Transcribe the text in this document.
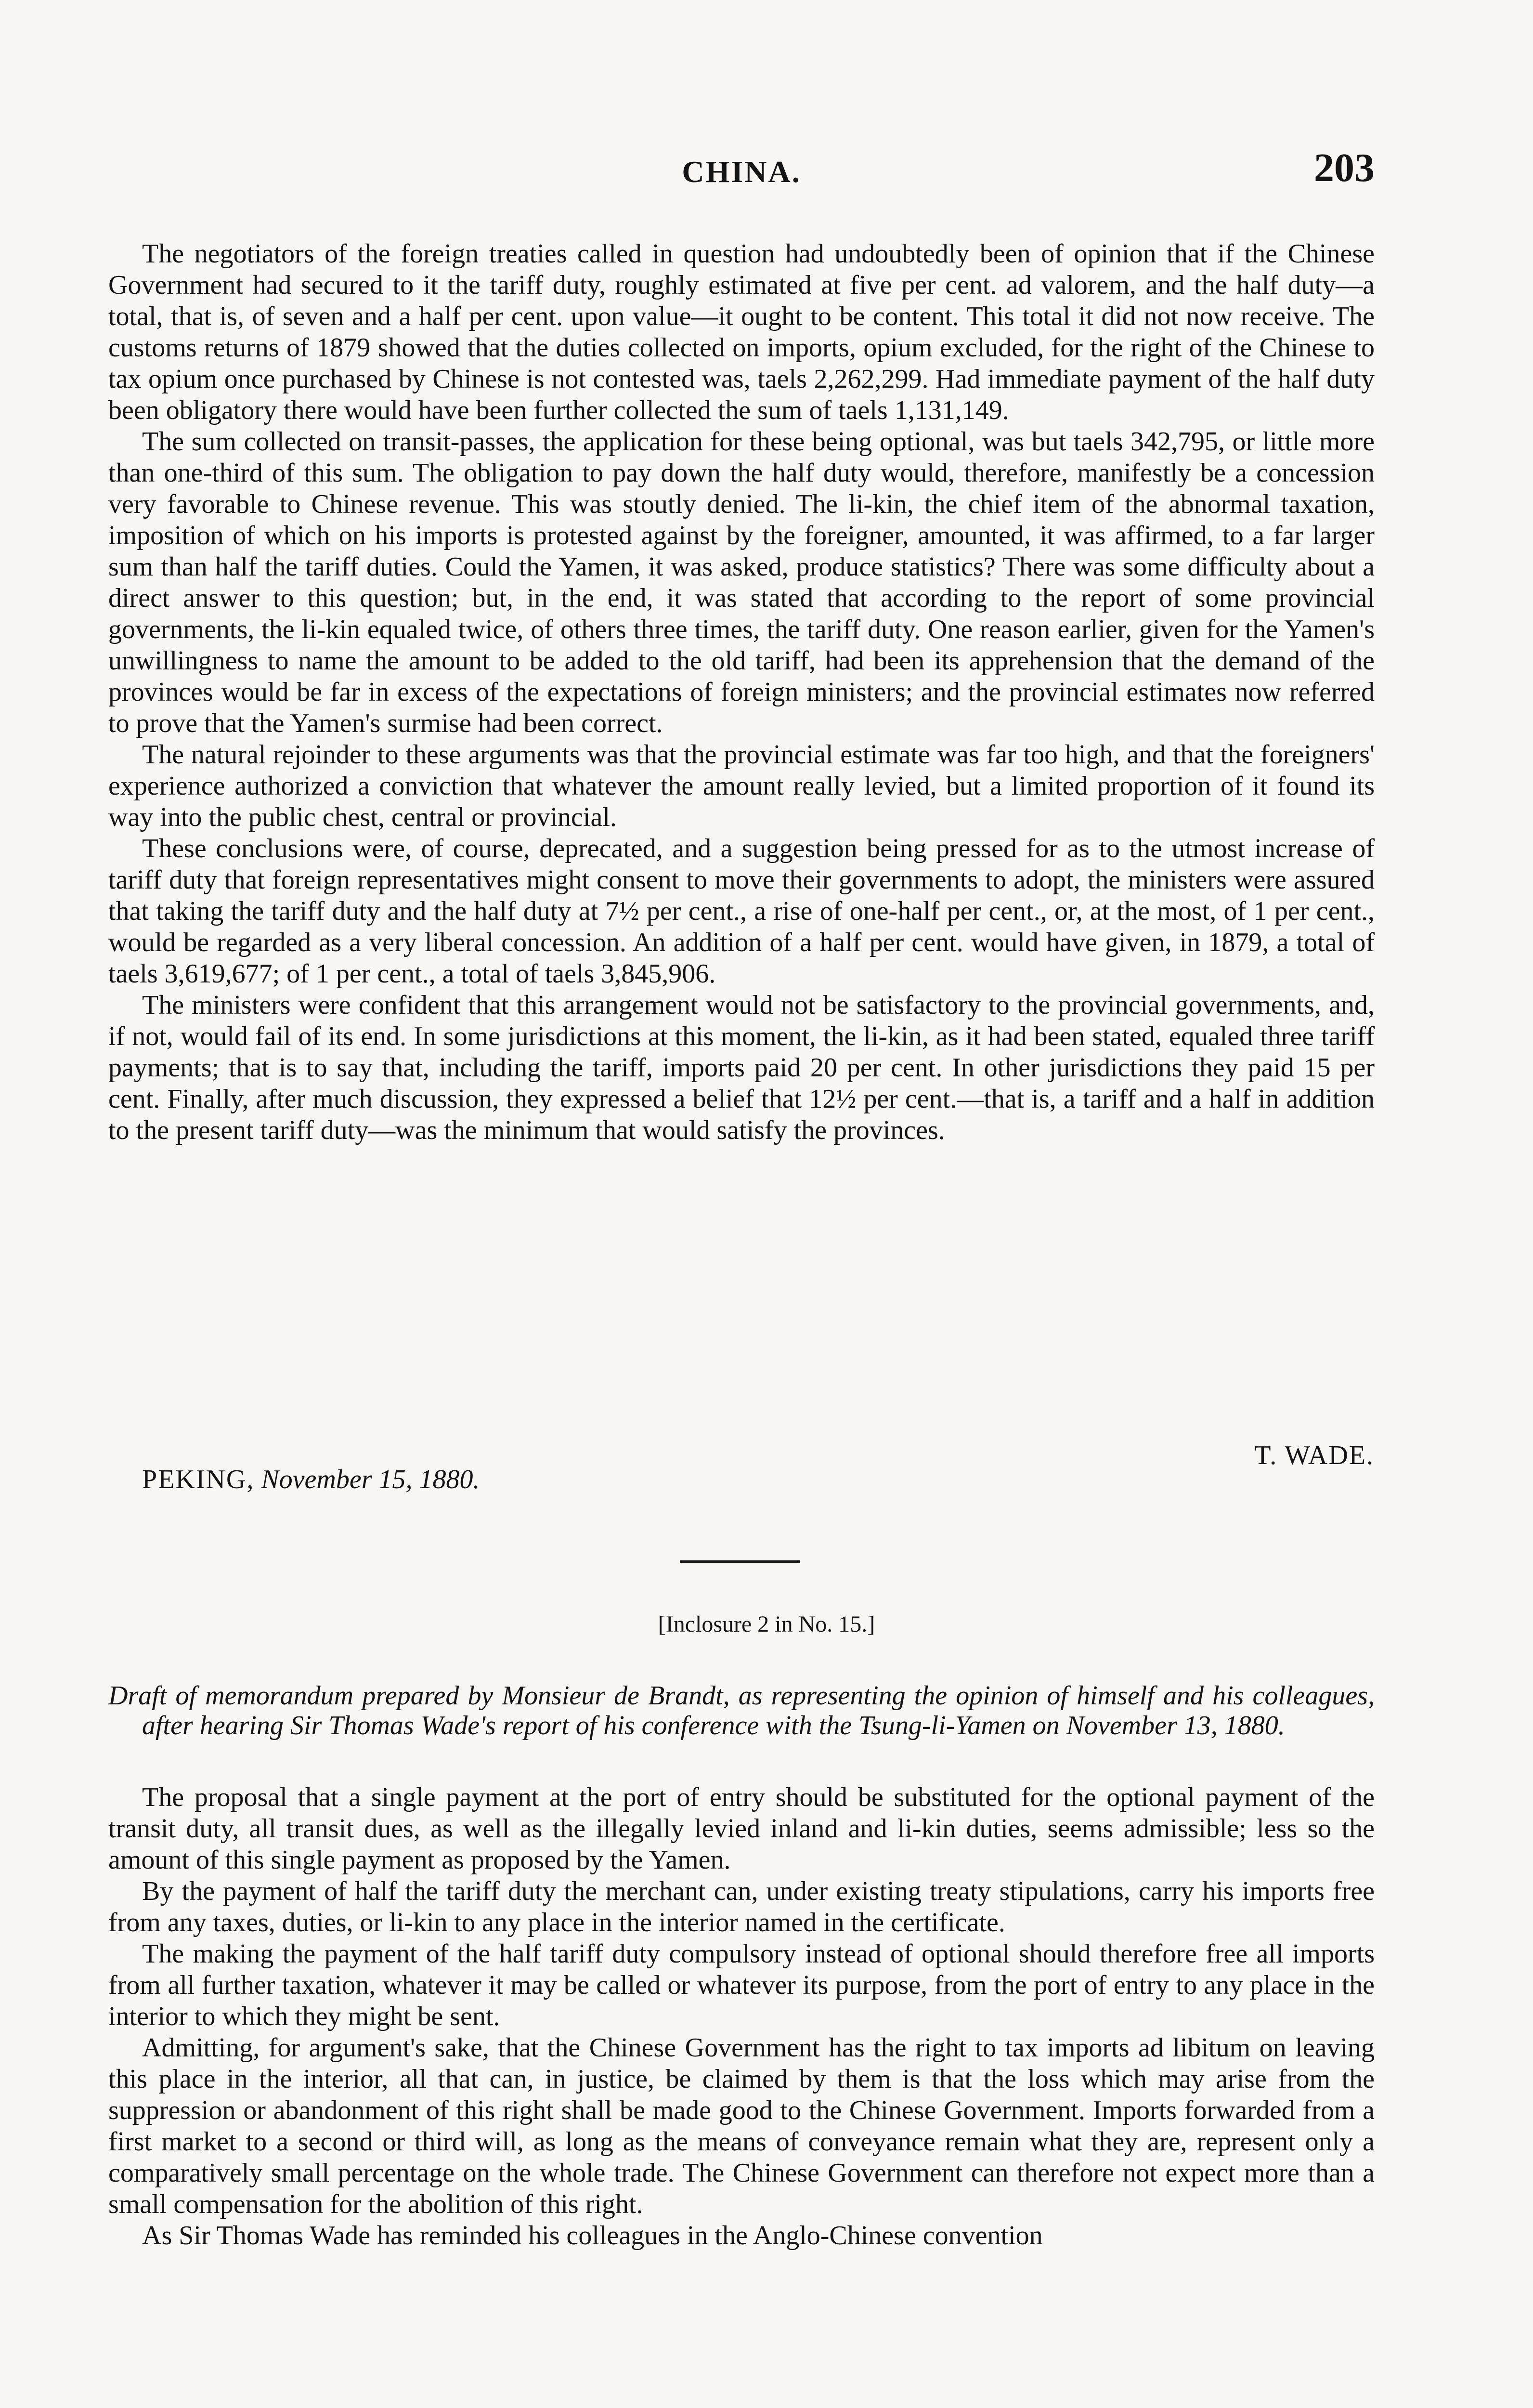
CHINA.	203

The negotiators of the foreign treaties called in question had undoubtedly been of opinion that if the Chinese Government had secured to it the tariff duty, roughly estimated at five per cent. ad valorem, and the half duty—a total, that is, of seven and a half per cent. upon value—it ought to be content. This total it did not now receive. The customs returns of 1879 showed that the duties collected on imports, opium excluded, for the right of the Chinese to tax opium once purchased by Chinese is not contested was, taels 2,262,299. Had immediate payment of the half duty been obligatory there would have been further collected the sum of taels 1,131,149.

The sum collected on transit-passes, the application for these being optional, was but taels 342,795, or little more than one-third of this sum. The obligation to pay down the half duty would, therefore, manifestly be a concession very favorable to Chinese revenue. This was stoutly denied. The li-kin, the chief item of the abnormal taxation, imposition of which on his imports is protested against by the foreigner, amounted, it was affirmed, to a far larger sum than half the tariff duties. Could the Yamen, it was asked, produce statistics? There was some difficulty about a direct answer to this question; but, in the end, it was stated that according to the report of some provincial governments, the li-kin equaled twice, of others three times, the tariff duty. One reason earlier, given for the Yamen's unwillingness to name the amount to be added to the old tariff, had been its apprehension that the demand of the provinces would be far in excess of the expectations of foreign ministers; and the provincial estimates now referred to prove that the Yamen's surmise had been correct.

The natural rejoinder to these arguments was that the provincial estimate was far too high, and that the foreigners' experience authorized a conviction that whatever the amount really levied, but a limited proportion of it found its way into the public chest, central or provincial.

These conclusions were, of course, deprecated, and a suggestion being pressed for as to the utmost increase of tariff duty that foreign representatives might consent to move their governments to adopt, the ministers were assured that taking the tariff duty and the half duty at 7½ per cent., a rise of one-half per cent., or, at the most, of 1 per cent., would be regarded as a very liberal concession. An addition of a half per cent. would have given, in 1879, a total of taels 3,619,677; of 1 per cent., a total of taels 3,845,906.

The ministers were confident that this arrangement would not be satisfactory to the provincial governments, and, if not, would fail of its end. In some jurisdictions at this moment, the li-kin, as it had been stated, equaled three tariff payments; that is to say that, including the tariff, imports paid 20 per cent. In other jurisdictions they paid 15 per cent. Finally, after much discussion, they expressed a belief that 12½ per cent.—that is, a tariff and a half in addition to the present tariff duty—was the minimum that would satisfy the provinces.

T. WADE.
PEKING, November 15, 1880.
[Inclosure 2 in No. 15.]
Draft of memorandum prepared by Monsieur de Brandt, as representing the opinion of himself and his colleagues, after hearing Sir Thomas Wade's report of his conference with the Tsung-li-Yamen on November 13, 1880.

The proposal that a single payment at the port of entry should be substituted for the optional payment of the transit duty, all transit dues, as well as the illegally levied inland and li-kin duties, seems admissible; less so the amount of this single payment as proposed by the Yamen.

By the payment of half the tariff duty the merchant can, under existing treaty stipulations, carry his imports free from any taxes, duties, or li-kin to any place in the interior named in the certificate.

The making the payment of the half tariff duty compulsory instead of optional should therefore free all imports from all further taxation, whatever it may be called or whatever its purpose, from the port of entry to any place in the interior to which they might be sent.

Admitting, for argument's sake, that the Chinese Government has the right to tax imports ad libitum on leaving this place in the interior, all that can, in justice, be claimed by them is that the loss which may arise from the suppression or abandonment of this right shall be made good to the Chinese Government. Imports forwarded from a first market to a second or third will, as long as the means of conveyance remain what they are, represent only a comparatively small percentage on the whole trade. The Chinese Government can therefore not expect more than a small compensation for the abolition of this right.

As Sir Thomas Wade has reminded his colleagues in the Anglo-Chinese convention
